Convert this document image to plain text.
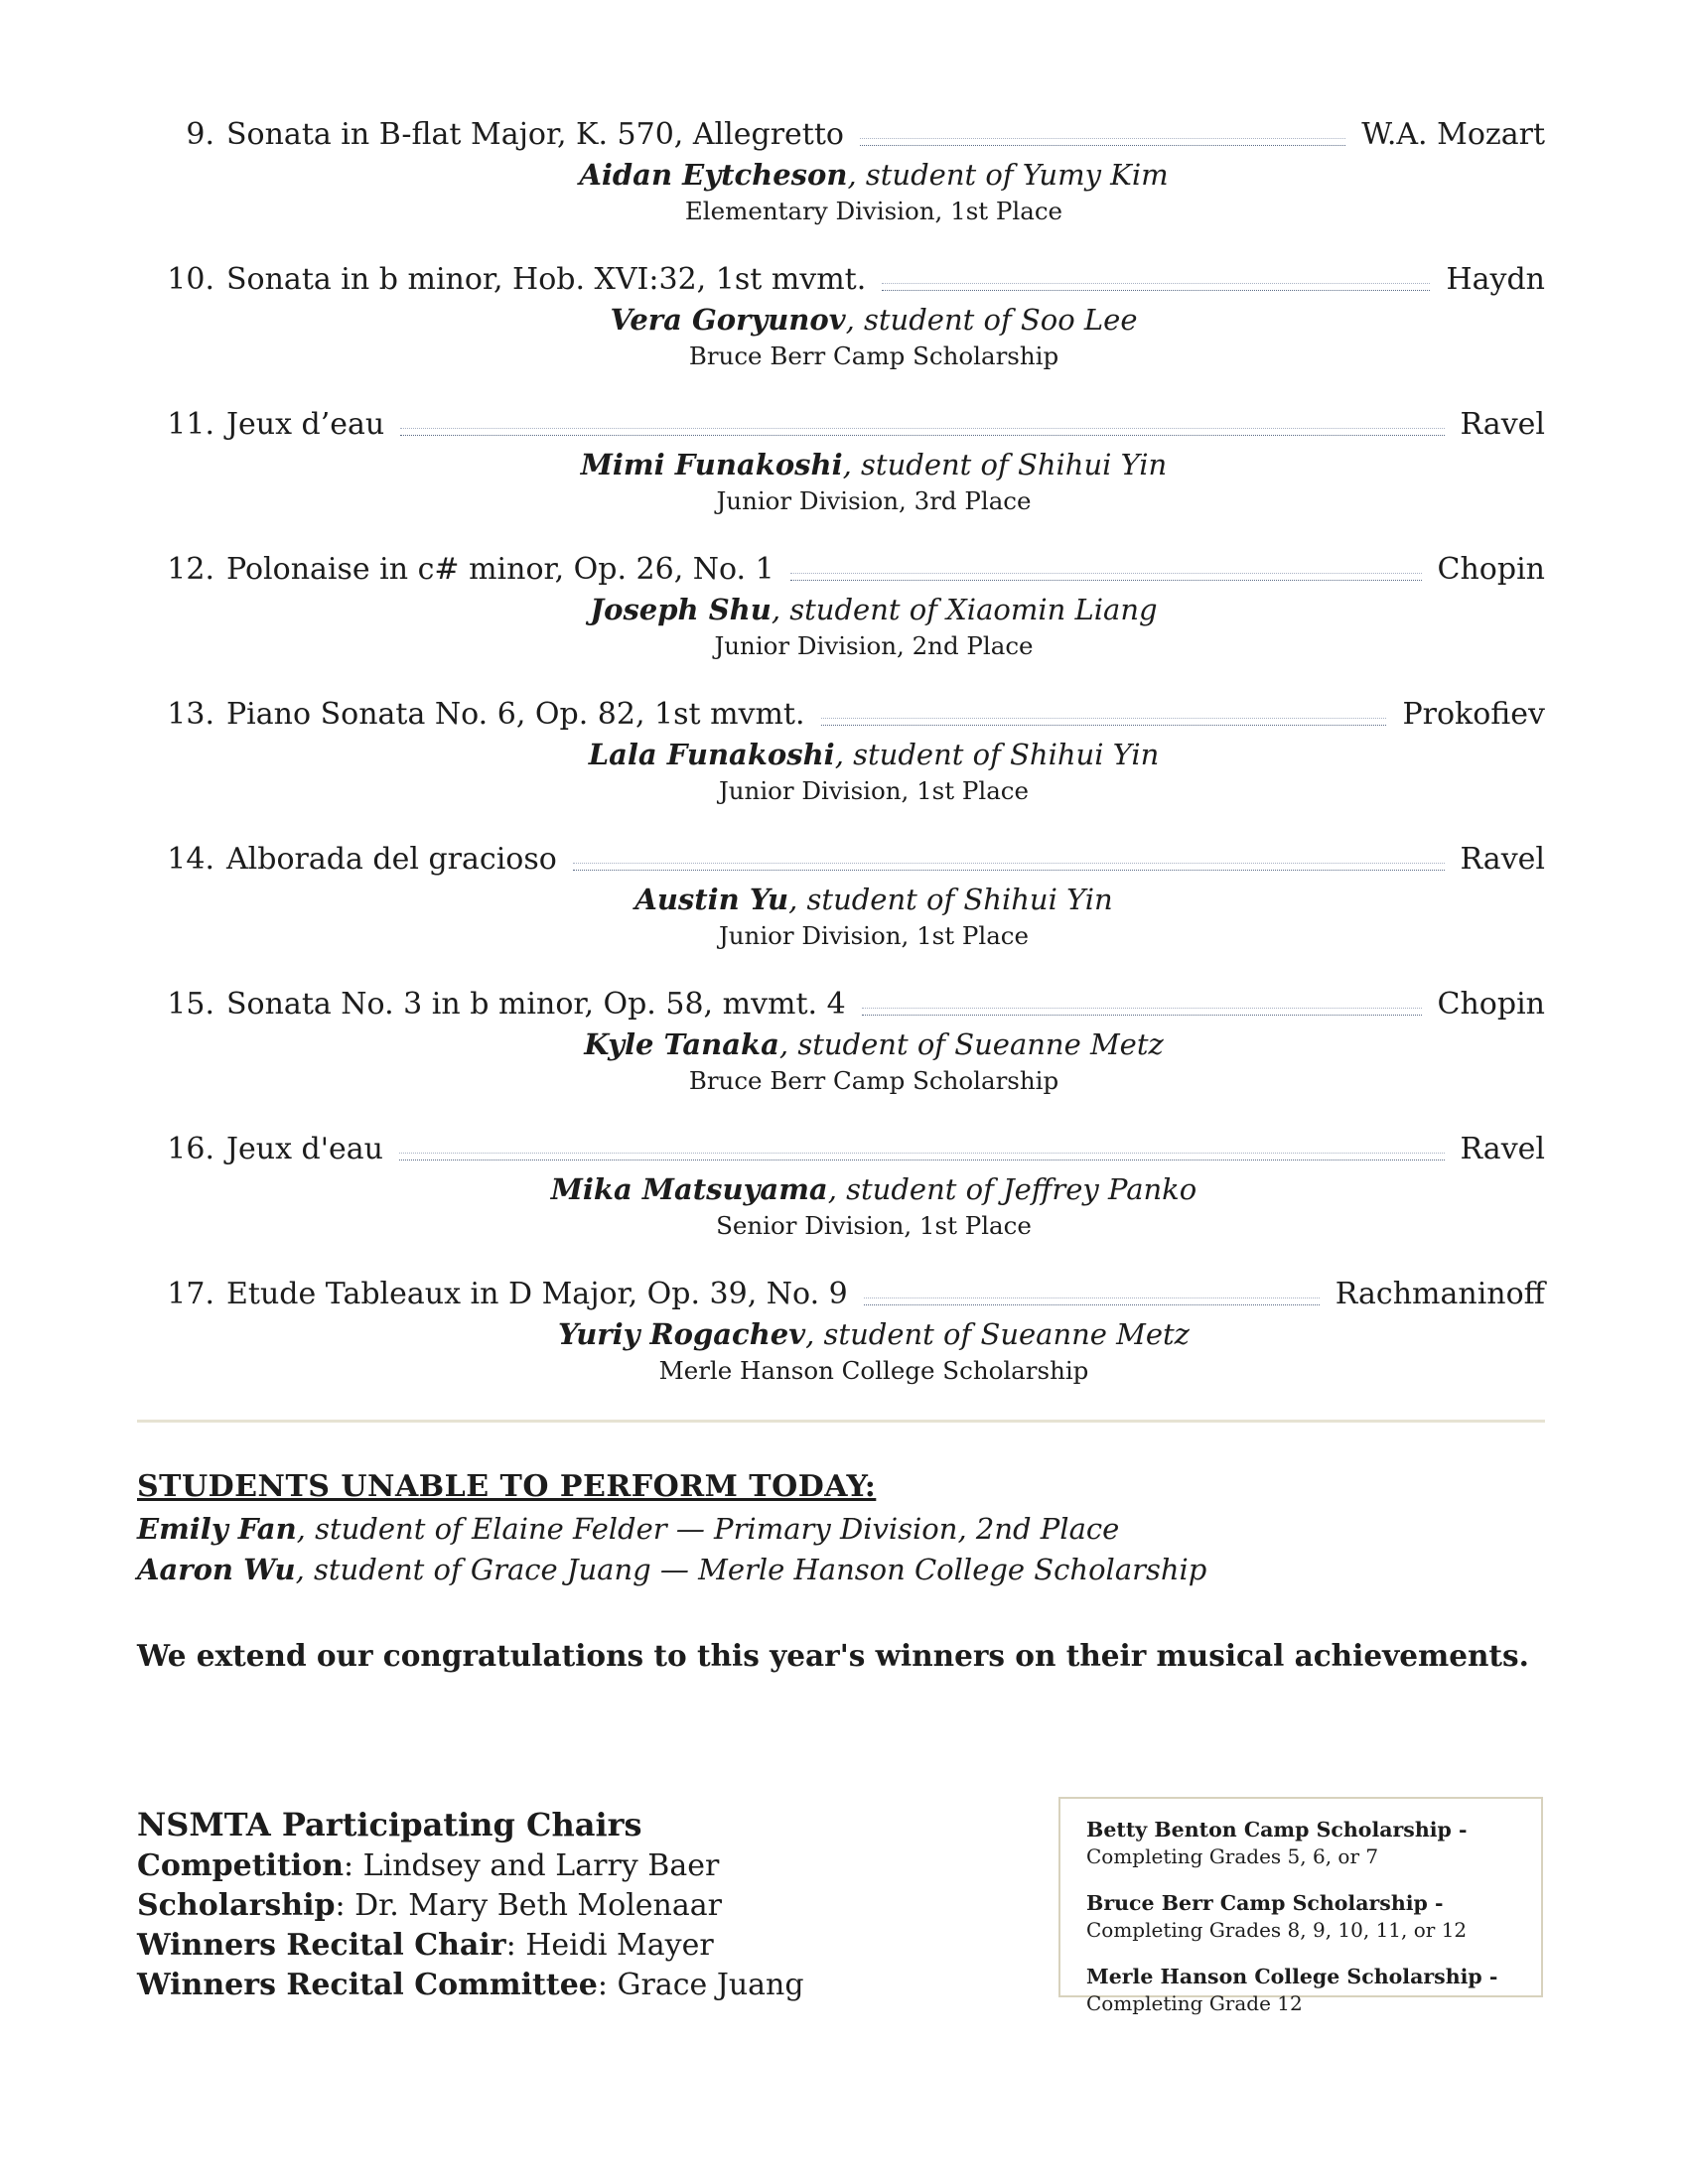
9. Sonata in B-flat Major, K. 570, Allegretto	W.A. Mozart
Aidan Eytcheson, student of Yumy Kim
Elementary Division, 1st Place
10. Sonata in b minor, Hob. XVI:32, 1st mvmt.	Haydn
Vera Goryunov, student of Soo Lee
Bruce Berr Camp Scholarship
11. Jeux d’eau	Ravel
Mimi Funakoshi, student of Shihui Yin
Junior Division, 3rd Place
12. Polonaise in c# minor, Op. 26, No. 1	Chopin
Joseph Shu, student of Xiaomin Liang
Junior Division, 2nd Place
13. Piano Sonata No. 6, Op. 82, 1st mvmt.	Prokofiev
Lala Funakoshi, student of Shihui Yin
Junior Division, 1st Place
14. Alborada del gracioso	Ravel
Austin Yu, student of Shihui Yin
Junior Division, 1st Place
15. Sonata No. 3 in b minor, Op. 58, mvmt. 4	Chopin
Kyle Tanaka, student of Sueanne Metz
Bruce Berr Camp Scholarship
16. Jeux d'eau	Ravel
Mika Matsuyama, student of Jeffrey Panko
Senior Division, 1st Place
17. Etude Tableaux in D Major, Op. 39, No. 9	Rachmaninoff
Yuriy Rogachev, student of Sueanne Metz
Merle Hanson College Scholarship
STUDENTS UNABLE TO PERFORM TODAY:
Emily Fan, student of Elaine Felder — Primary Division, 2nd Place
Aaron Wu, student of Grace Juang — Merle Hanson College Scholarship
We extend our congratulations to this year's winners on their musical achievements.
NSMTA Participating Chairs
Competition: Lindsey and Larry Baer
Scholarship: Dr. Mary Beth Molenaar
Winners Recital Chair: Heidi Mayer
Winners Recital Committee: Grace Juang
Betty Benton Camp Scholarship -
Completing Grades 5, 6, or 7
Bruce Berr Camp Scholarship -
Completing Grades 8, 9, 10, 11, or 12
Merle Hanson College Scholarship -
Completing Grade 12
